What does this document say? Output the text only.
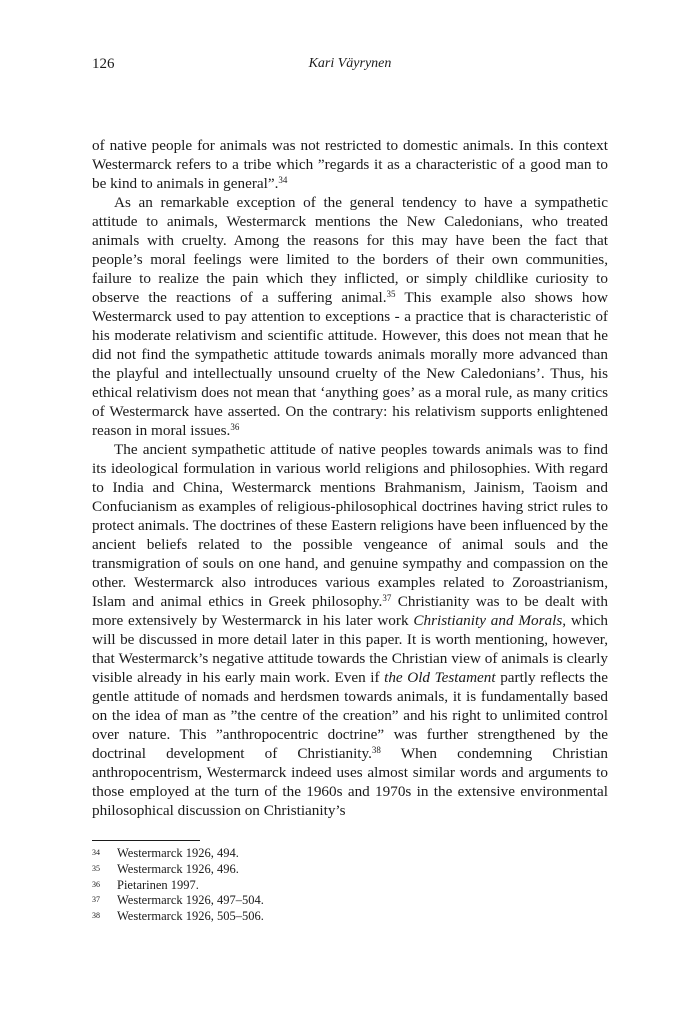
126	Kari Väyrynen

of native people for animals was not restricted to domestic animals. In this context Westermarck refers to a tribe which ”regards it as a characteristic of a good man to be kind to animals in general”.$^{34}$

As an remarkable exception of the general tendency to have a sympathetic attitude to animals, Westermarck mentions the New Caledonians, who treated animals with cruelty. Among the reasons for this may have been the fact that people’s moral feelings were limited to the borders of their own communities, failure to realize the pain which they inflicted, or simply childlike curiosity to observe the reactions of a suffering animal.$^{35}$ This example also shows how Westermarck used to pay attention to exceptions - a practice that is characteristic of his moderate relativism and scientific attitude. However, this does not mean that he did not find the sympathetic attitude towards animals morally more advanced than the playful and intellectually unsound cruelty of the New Caledonians’. Thus, his ethical relativism does not mean that ‘anything goes’ as a moral rule, as many critics of Westermarck have asserted. On the contrary: his relativism supports enlightened reason in moral issues.$^{36}$

The ancient sympathetic attitude of native peoples towards animals was to find its ideological formulation in various world religions and philosophies. With regard to India and China, Westermarck mentions Brahmanism, Jainism, Taoism and Confucianism as examples of religious-philosophical doctrines having strict rules to protect animals. The doctrines of these Eastern religions have been influenced by the ancient beliefs related to the possible vengeance of animal souls and the transmigration of souls on one hand, and genuine sympathy and compassion on the other. Westermarck also introduces various examples related to Zoroastrianism, Islam and animal ethics in Greek philosophy.$^{37}$ Christianity was to be dealt with more extensively by Westermarck in his later work Christianity and Morals, which will be discussed in more detail later in this paper. It is worth mentioning, however, that Westermarck’s negative attitude towards the Christian view of animals is clearly visible already in his early main work. Even if the Old Testament partly reflects the gentle attitude of nomads and herdsmen towards animals, it is fundamentally based on the idea of man as ”the centre of the creation” and his right to unlimited control over nature. This ”anthropocentric doctrine” was further strengthened by the doctrinal development of Christianity.$^{38}$ When condemning Christian anthropocentrism, Westermarck indeed uses almost similar words and arguments to those employed at the turn of the 1960s and 1970s in the extensive environmental philosophical discussion on Christianity’s

34 Westermarck 1926, 494.
35 Westermarck 1926, 496.
36 Pietarinen 1997.
37 Westermarck 1926, 497–504.
38 Westermarck 1926, 505–506.
